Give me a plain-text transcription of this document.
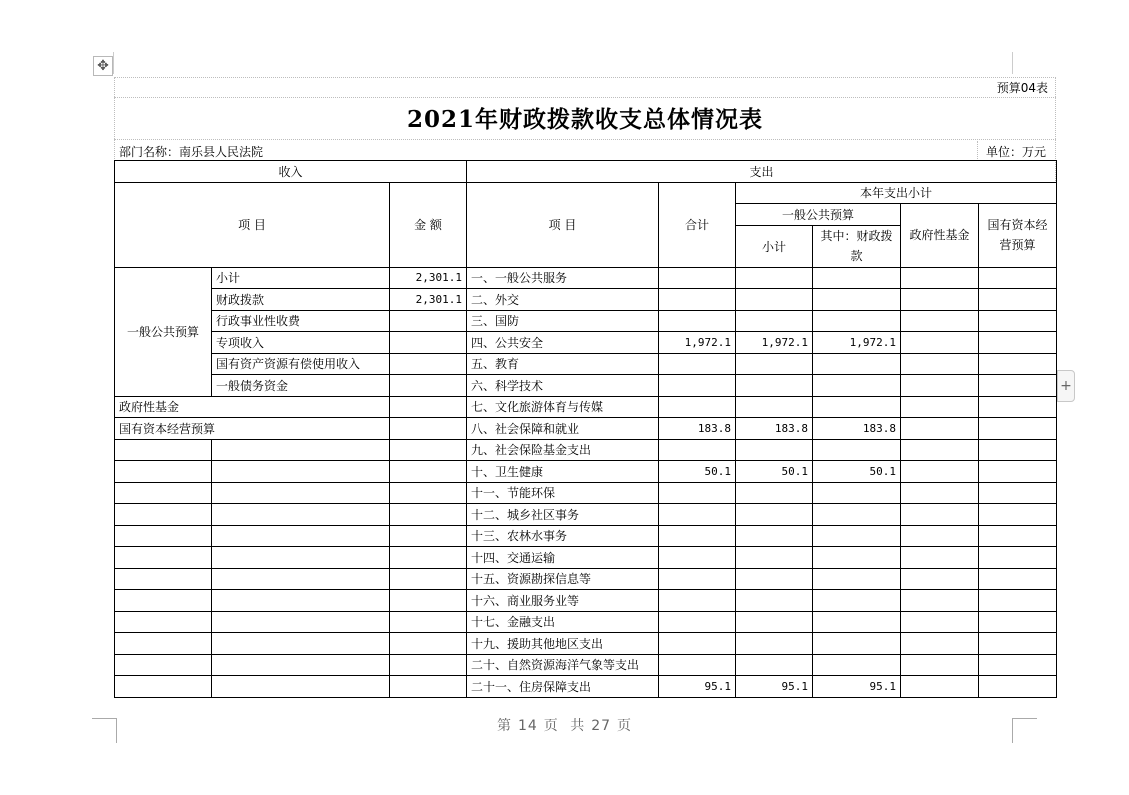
✥
+
预算04表
2021年财政拨款收支总体情况表
部门名称：南乐县人民法院	单位：万元
收入			支出					
项 目		金 额	项 目	合计	本年支出小计			
					一般公共预算		政府性基金	国有资本经营预算
					小计	其中：财政拨款		
一般公共预算	小计	2,301.1	一、一般公共服务					
	财政拨款	2,301.1	二、外交					
	行政事业性收费		三、国防					
	专项收入		四、公共安全	1,972.1	1,972.1	1,972.1		
	国有资产资源有偿使用收入		五、教育					
	一般债务资金		六、科学技术					
政府性基金			七、文化旅游体育与传媒					
国有资本经营预算			八、社会保障和就业	183.8	183.8	183.8		
			九、社会保险基金支出					
			十、卫生健康	50.1	50.1	50.1		
			十一、节能环保					
			十二、城乡社区事务					
			十三、农林水事务					
			十四、交通运输					
			十五、资源勘探信息等					
			十六、商业服务业等					
			十七、金融支出					
			十九、援助其他地区支出					
			二十、自然资源海洋气象等支出					
			二十一、住房保障支出	95.1	95.1	95.1		
第 14 页 共 27 页
